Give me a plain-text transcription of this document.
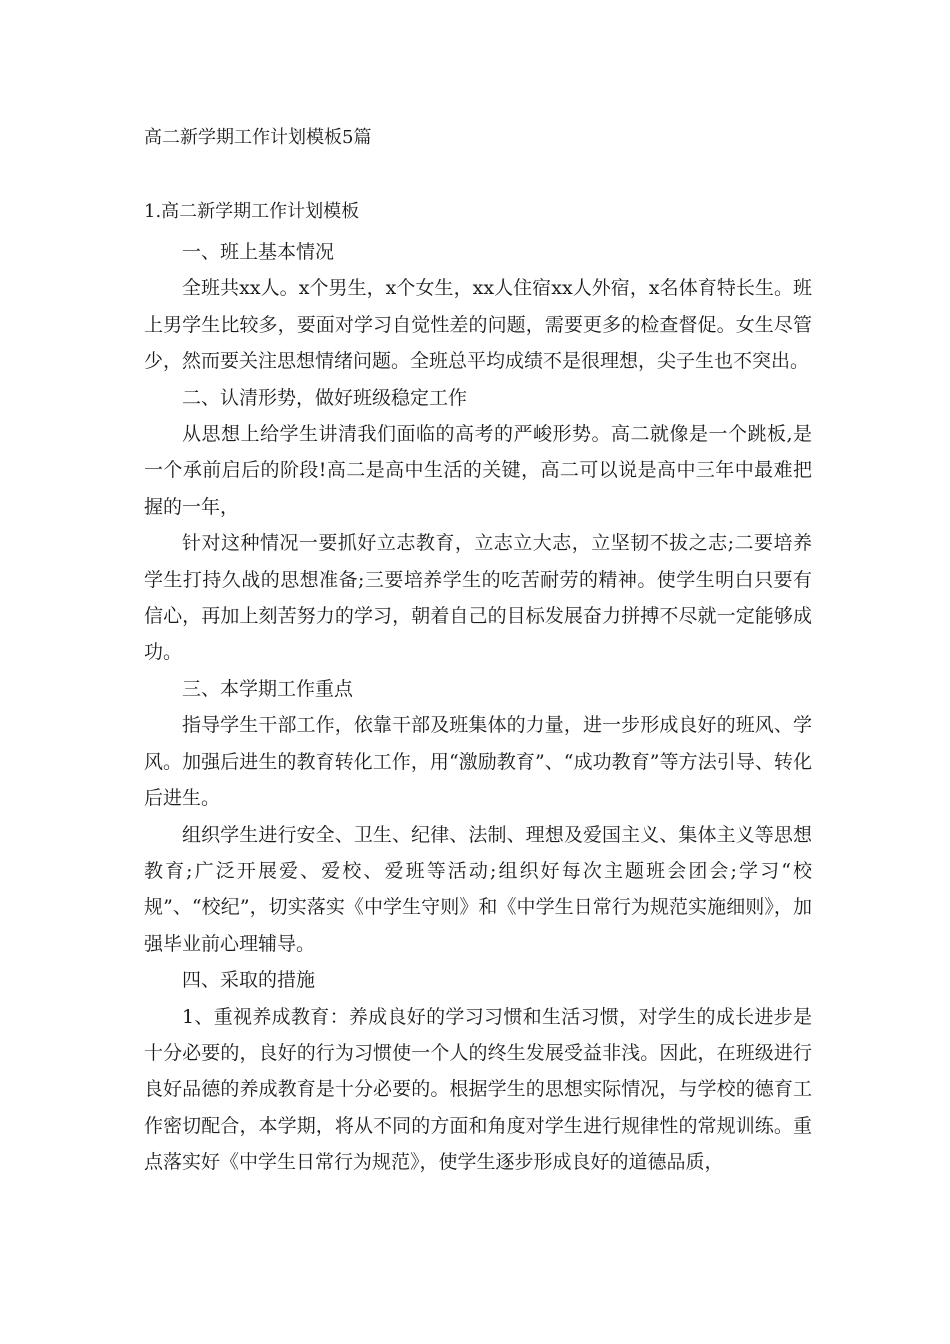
高二新学期工作计划模板5篇
1.高二新学期工作计划模板

一、班上基本情况

全班共xx人。x个男生，x个女生，xx人住宿xx人外宿，x名体育特长生。班上男学生比较多，要面对学习自觉性差的问题，需要更多的检查督促。女生尽管少，然而要关注思想情绪问题。全班总平均成绩不是很理想，尖子生也不突出。

二、认清形势，做好班级稳定工作

从思想上给学生讲清我们面临的高考的严峻形势。高二就像是一个跳板,是一个承前启后的阶段!高二是高中生活的关键，高二可以说是高中三年中最难把握的一年，

针对这种情况一要抓好立志教育，立志立大志，立坚韧不拔之志;二要培养学生打持久战的思想准备;三要培养学生的吃苦耐劳的精神。使学生明白只要有信心，再加上刻苦努力的学习，朝着自己的目标发展奋力拼搏不尽就一定能够成功。

三、本学期工作重点

指导学生干部工作，依靠干部及班集体的力量，进一步形成良好的班风、学风。加强后进生的教育转化工作，用“激励教育”、“成功教育”等方法引导、转化后进生。

组织学生进行安全、卫生、纪律、法制、理想及爱国主义、集体主义等思想教育;广泛开展爱、爱校、爱班等活动;组织好每次主题班会团会;学习“校规”、“校纪”，切实落实《中学生守则》和《中学生日常行为规范实施细则》，加强毕业前心理辅导。

四、采取的措施

1、重视养成教育：养成良好的学习习惯和生活习惯，对学生的成长进步是十分必要的，良好的行为习惯使一个人的终生发展受益非浅。因此，在班级进行良好品德的养成教育是十分必要的。根据学生的思想实际情况，与学校的德育工作密切配合，本学期，将从不同的方面和角度对学生进行规律性的常规训练。重点落实好《中学生日常行为规范》，使学生逐步形成良好的道德品质，
